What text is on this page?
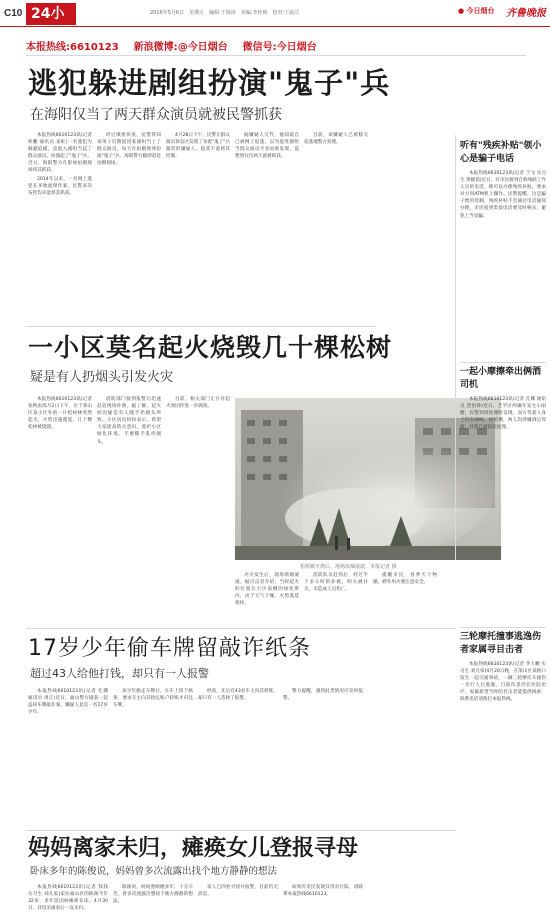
C10 24小时
2016年5月6日　星期五　编辑:于海涛　美编:李桂梅　校对:于晨洁	● 今日烟台 齐鲁晚报
本报热线:6610123 新浪微博:@今日烟台 微信号:今日烟台
逃犯躲进剧组扮演"鬼子"兵
在海阳仅当了两天群众演员就被民警抓获

本报热线6610123讯(记者 侯鹏 通讯员 姜虹)一名逃犯为躲避追捕，竟混入剧组当起了群众演员，扮演起了"鬼子"兵。近日，海阳警方在影视拍摄现场将其抓获。

2014年以来，一名网上逃犯在多地流窜作案，民警多次布控均未能将其抓获。

经过缜密侦查，民警得知该男子近期混进某剧组当上了群众演员，每天在拍摄现场扮演"鬼子"兵。海阳警方随即赶赴拍摄现场。

4月28日下午，民警在群众演员休息区发现了身着"鬼子"兵服装的嫌疑人，趁其不备将其控制。

据嫌疑人交代，他知道自己被网上追逃，以为混进剧组当群众演员不容易被发现，没想到仅仅两天就被抓获。

目前，该嫌疑人已被移交追逃地警方处理。

一小区莫名起火烧毁几十棵松树
疑是有人扔烟头引发火灾

本报热线6610123讯(记者 张秋雨)5月2日下午，位于莱山区某小区外的一片松树林突然起火，火势迅速蔓延，几十棵松树被烧毁。

消防部门接到报警后迅速赶赴现场扑救。据了解，起火原因疑是有人随手扔烟头所致。小区居民纷纷表示，希望大家提高防火意识，爱护小区绿化环境，不要随手乱扔烟头。

目前，相关部门正在对起火原因作进一步调查。

松树被火烧后，现场浓烟滚滚。本报记者 摄

火灾发生后，现场浓烟滚滚。据目击者介绍，当时起火的位置在小区南侧的绿化带内，由于天气干燥，火势蔓延很快。

消防队员赶到后，经过半个多小时的扑救，明火被扑灭，未造成人员伤亡。

提醒市民，春季天干物燥，野外用火要注意安全。

17岁少年偷车牌留敲诈纸条
超过43人给他打钱，却只有一人报警

本报热线6610123讯(记者 孔娜 通讯员 周正)近日，福山警方破获一起盗窃车牌敲诈案，嫌疑人竟是一名17岁少年。

该少年偷走车牌后，在车上留下纸条，要求车主向其指定账户转账才归还车牌。

经查，先后有43名车主向其转账，却只有一人选择了报警。

警方提醒，遇到此类情况应及时报警。

妈妈离家未归，瘫痪女儿登报寻母
卧床多年的陈俊说，妈妈曾多次流露出找个地方静静的想法

本报热线6610123讯(记者 钱钱 实习生 刘凡家)家住福山区的陈俊今年32岁，多年前因病瘫痪在床。4月30日，其母亲离家后一直未归。

陈俊说，妈妈照顾她多年，十分辛苦，曾多次流露出想找个地方静静的想法。

家人已四处寻找并报警，目前仍无消息。

如果有市民发现其母亲行踪，请联系本报热线6610123。

听有"残疾补贴"领小心是骗子电话

本报热线6610123讯(记者 于飞 实习生 黄晓茹)近日，有市民接到自称残联工作人员的电话，称可以办理残疾补贴，要求对方到ATM机上操作。民警提醒，这是骗子惯用伎俩，残疾补贴不会通过电话通知办理，市民接到类似电话要及时核实，避免上当受骗。

一起小摩擦牵出俩酒司机

本报热线6610123讯(记者 孔娜 通讯员 贺治铮)近日，芝罘区两辆车发生小剐蹭，民警到场处理时发现，双方驾驶人身上均有酒味。经检测，两人均涉嫌酒后驾驶，目前已被依法处理。

三轮摩托撞事逃逸伤者家属寻目击者

本报热线6610123讯(记者 李大鹏 实习生 刘凡家)4月20日晚，在莱山区某路口发生一起交通事故，一辆三轮摩托车撞伤一名行人后逃逸。目前伤者仍在医院治疗，家属希望当时的目击者能提供线索，联系电话请拨打本报热线。
